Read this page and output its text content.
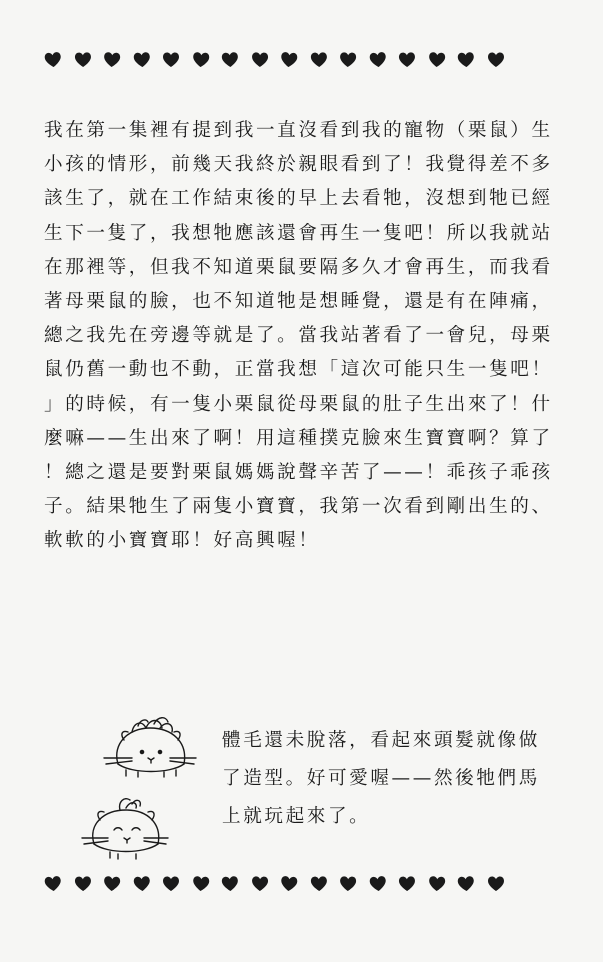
我在第一集裡有提到我一直沒看到我的寵物（栗鼠）生
小孩的情形，前幾天我終於親眼看到了！我覺得差不多
該生了，就在工作結束後的早上去看牠，沒想到牠已經
生下一隻了，我想牠應該還會再生一隻吧！所以我就站
在那裡等，但我不知道栗鼠要隔多久才會再生，而我看
著母栗鼠的臉，也不知道牠是想睡覺，還是有在陣痛，
總之我先在旁邊等就是了。當我站著看了一會兒，母栗
鼠仍舊一動也不動，正當我想「這次可能只生一隻吧！
」的時候，有一隻小栗鼠從母栗鼠的肚子生出來了！什
麼嘛——生出來了啊！用這種撲克臉來生寶寶啊？算了
！總之還是要對栗鼠媽媽說聲辛苦了——！乖孩子乖孩
子。結果牠生了兩隻小寶寶，我第一次看到剛出生的、
軟軟的小寶寶耶！好高興喔！
體毛還未脫落，看起來頭髮就像做
了造型。好可愛喔——然後牠們馬
上就玩起來了。
